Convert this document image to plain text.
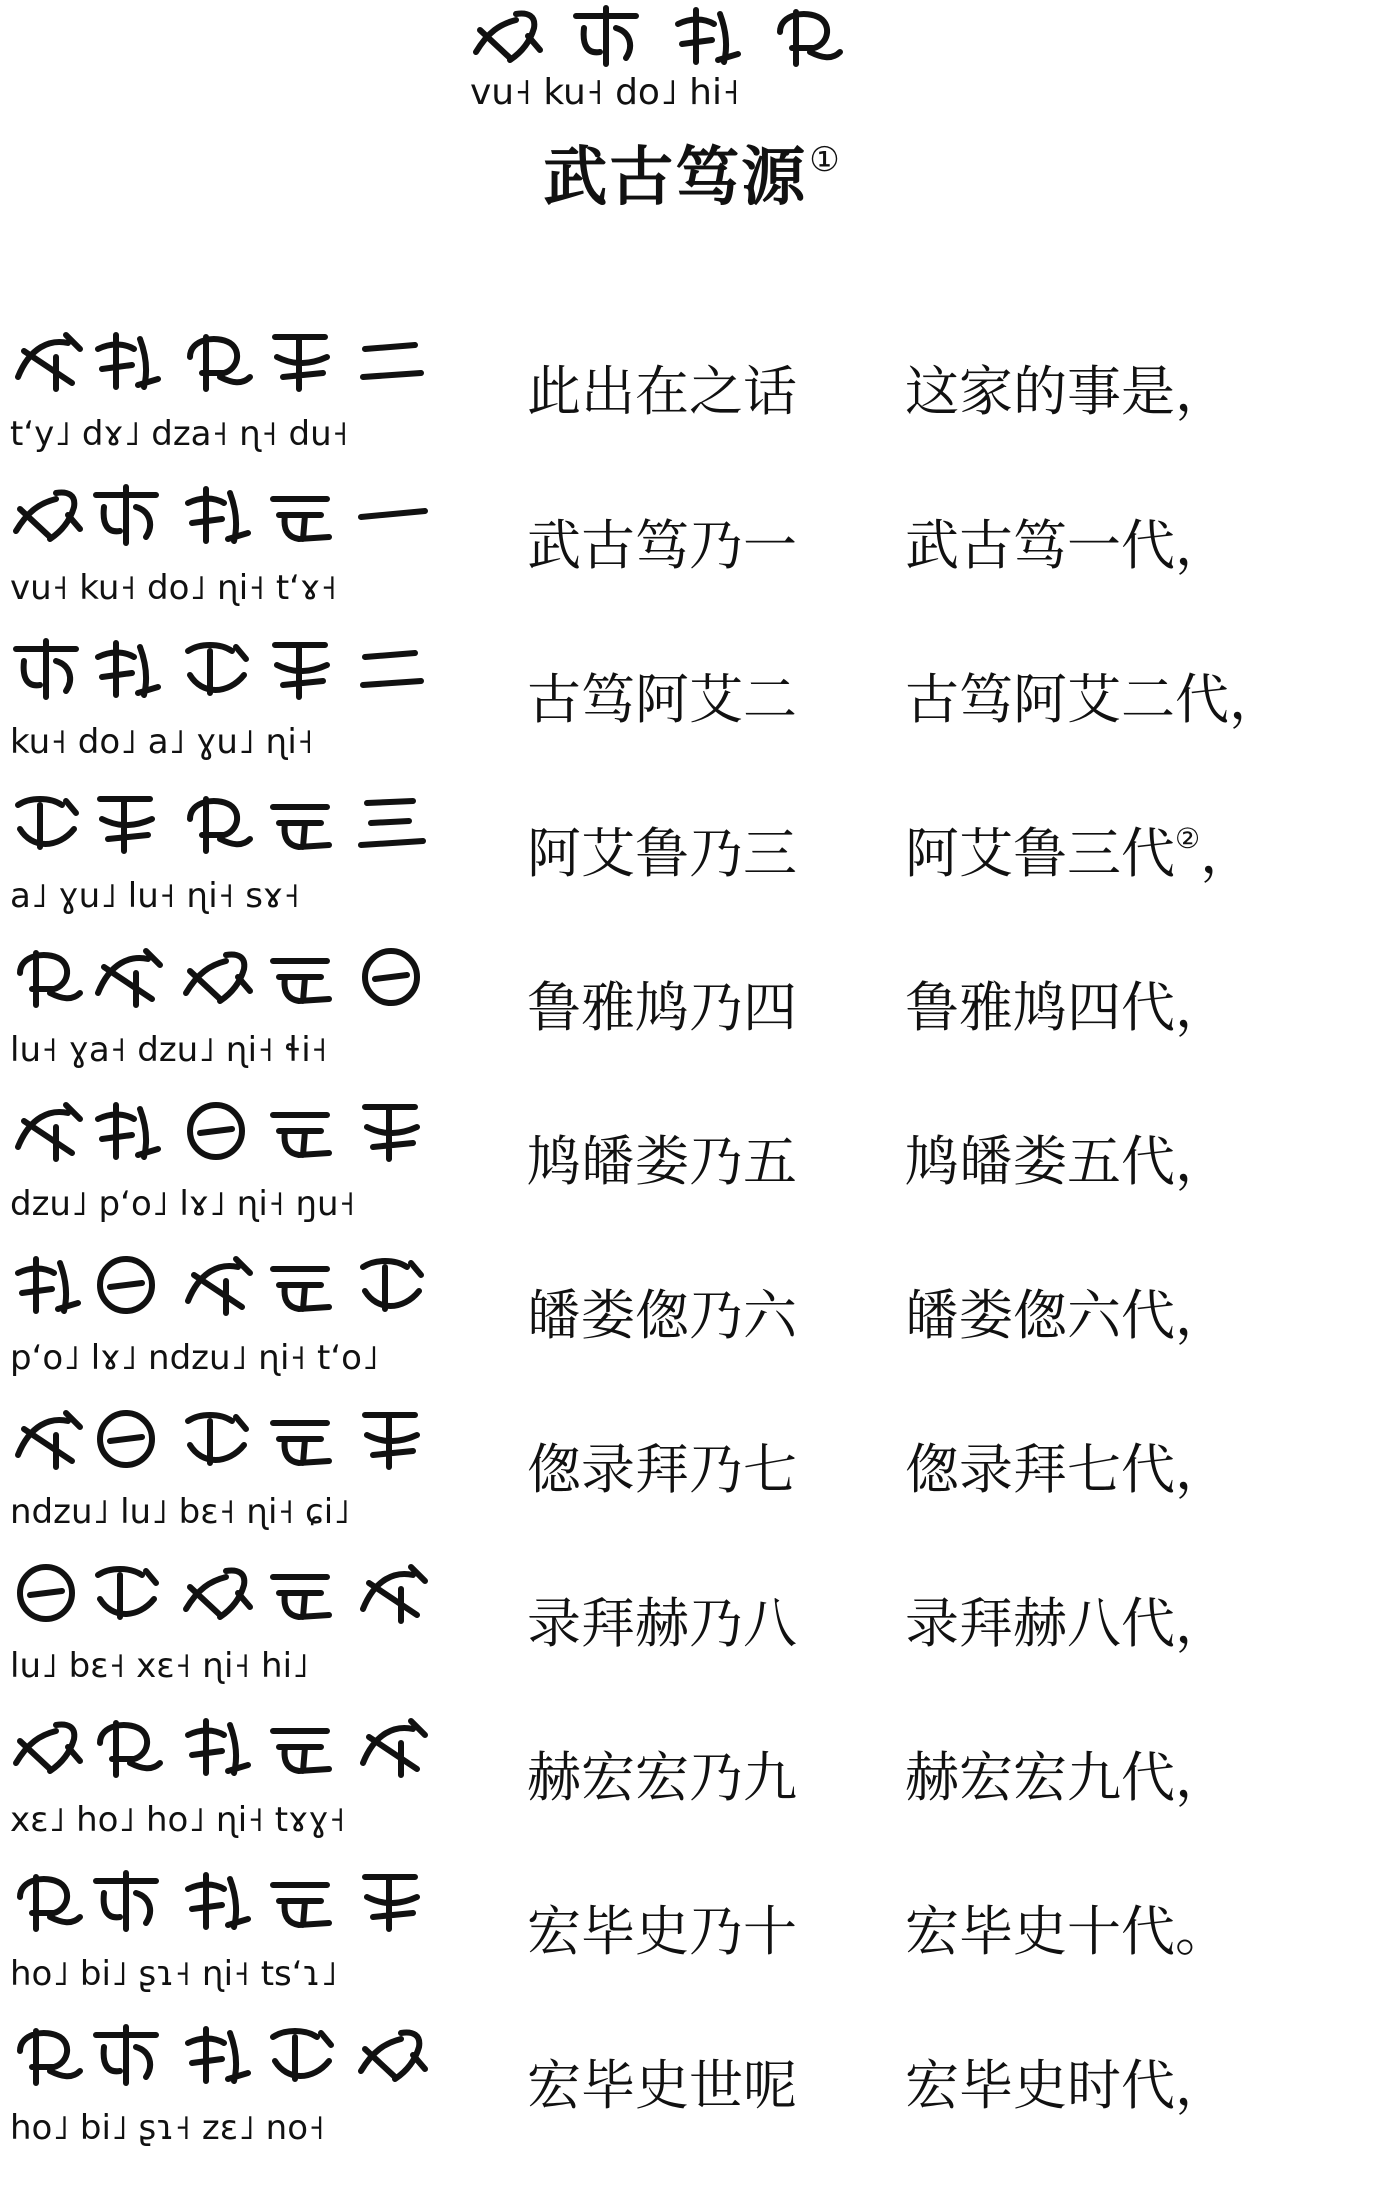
vu˧ ku˧ do˩ hi˧
武古笃源①
tʻy˩ dɤ˩ dza˧ ɳ˧ du˧
此出在之话 这家的事是，
vu˧ ku˧ do˩ ɳi˧ tʻɤ˧
武古笃乃一 武古笃一代，
ku˧ do˩ a˩ ɣu˩ ɳi˧
古笃阿艾二 古笃阿艾二代，
a˩ ɣu˩ lu˧ ɳi˧ sɤ˧
阿艾鲁乃三 阿艾鲁三代②，
lu˧ ɣa˧ dzu˩ ɳi˧ ɬi˧
鲁雅鸠乃四 鲁雅鸠四代，
dzu˩ pʻo˩ lɤ˩ ɳi˧ ŋu˧
鸠皤娄乃五 鸠皤娄五代，
pʻo˩ lɤ˩ ndzu˩ ɳi˧ tʻo˩
皤娄偬乃六 皤娄偬六代，
ndzu˩ lu˩ bɛ˧ ɳi˧ ɕi˩
偬录拜乃七 偬录拜七代，
lu˩ bɛ˧ xɛ˧ ɳi˧ hi˩
录拜赫乃八 录拜赫八代，
xɛ˩ ho˩ ho˩ ɳi˧ tɤɣ˧
赫宏宏乃九 赫宏宏九代，
ho˩ bi˩ ʂɿ˧ ɳi˧ tsʻɿ˩
宏毕史乃十 宏毕史十代。
ho˩ bi˩ ʂɿ˧ zɛ˩ no˧
宏毕史世呢 宏毕史时代，
